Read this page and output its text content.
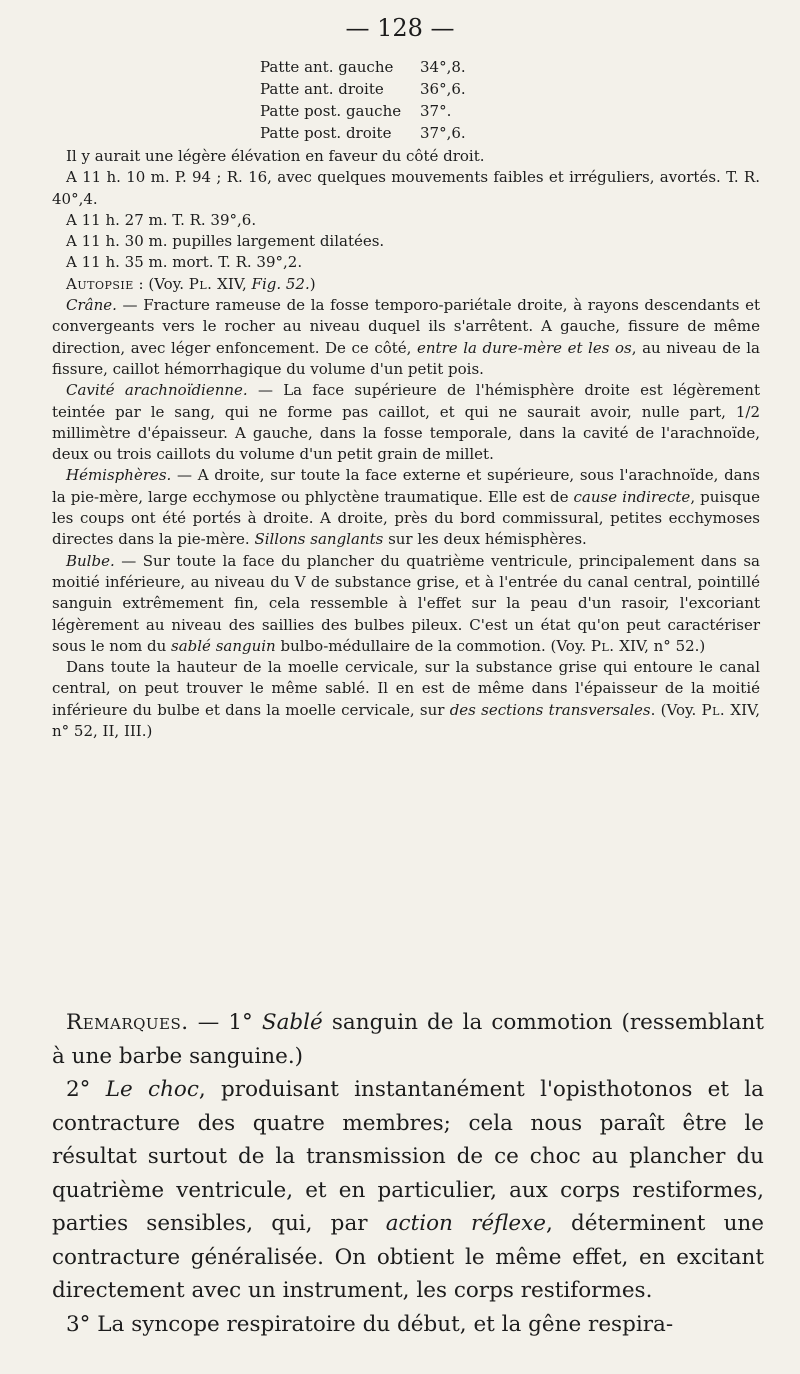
— 128 —
Patte ant. gauche	34°,8.
Patte ant. droite	36°,6.
Patte post. gauche	37°.
Patte post. droite	37°,6.

Il y aurait une légère élévation en faveur du côté droit.

A 11 h. 10 m. P. 94 ; R. 16, avec quelques mouvements faibles et irréguliers, avortés. T. R. 40°,4.

A 11 h. 27 m. T. R. 39°,6.

A 11 h. 30 m. pupilles largement dilatées.

A 11 h. 35 m. mort. T. R. 39°,2.

Autopsie : (Voy. Pl. XIV, Fig. 52.)

Crâne. — Fracture rameuse de la fosse temporo-pariétale droite, à rayons descendants et convergeants vers le rocher au niveau duquel ils s'arrêtent. A gauche, fissure de même direction, avec léger enfoncement. De ce côté, entre la dure-mère et les os, au niveau de la fissure, caillot hémorrhagique du volume d'un petit pois.

Cavité arachnoïdienne. — La face supérieure de l'hémisphère droite est légèrement teintée par le sang, qui ne forme pas caillot, et qui ne saurait avoir, nulle part, 1/2 millimètre d'épaisseur. A gauche, dans la fosse temporale, dans la cavité de l'arachnoïde, deux ou trois caillots du volume d'un petit grain de millet.

Hémisphères. — A droite, sur toute la face externe et supérieure, sous l'arachnoïde, dans la pie-mère, large ecchymose ou phlyctène traumatique. Elle est de cause indirecte, puisque les coups ont été portés à droite. A droite, près du bord commissural, petites ecchymoses directes dans la pie-mère. Sillons sanglants sur les deux hémisphères.

Bulbe. — Sur toute la face du plancher du quatrième ventricule, principalement dans sa moitié inférieure, au niveau du V de substance grise, et à l'entrée du canal central, pointillé sanguin extrêmement fin, cela ressemble à l'effet sur la peau d'un rasoir, l'excoriant légèrement au niveau des saillies des bulbes pileux. C'est un état qu'on peut caractériser sous le nom du sablé sanguin bulbo-médullaire de la commotion. (Voy. Pl. XIV, n° 52.)

Dans toute la hauteur de la moelle cervicale, sur la substance grise qui entoure le canal central, on peut trouver le même sablé. Il en est de même dans l'épaisseur de la moitié inférieure du bulbe et dans la moelle cervicale, sur des sections transversales. (Voy. Pl. XIV, n° 52, II, III.)

Remarques. — 1° Sablé sanguin de la commotion (ressemblant à une barbe sanguine.)

2° Le choc, produisant instantanément l'opisthotonos et la contracture des quatre membres; cela nous paraît être le résultat surtout de la transmission de ce choc au plancher du quatrième ventricule, et en particulier, aux corps restiformes, parties sensibles, qui, par action réflexe, déterminent une contracture généralisée. On obtient le même effet, en excitant directement avec un instrument, les corps restiformes.

3° La syncope respiratoire du début, et la gêne respira-
